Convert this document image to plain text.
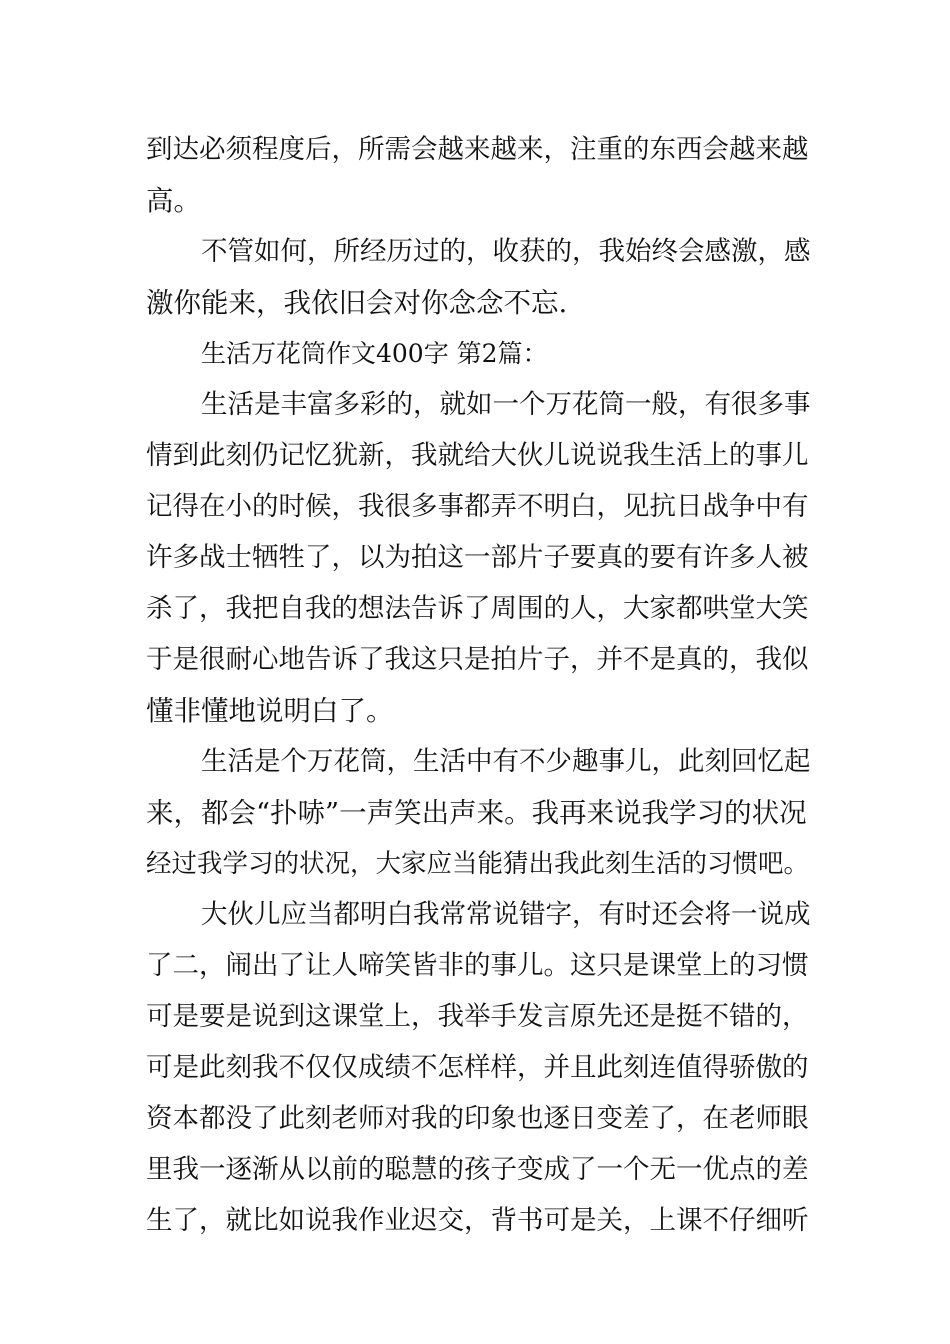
到达必须程度后，所需会越来越来，注重的东西会越来越
高。
不管如何，所经历过的，收获的，我始终会感激，感
激你能来，我依旧会对你念念不忘.
生活万花筒作文400字 第2篇：
生活是丰富多彩的，就如一个万花筒一般，有很多事
情到此刻仍记忆犹新，我就给大伙儿说说我生活上的事儿
记得在小的时候，我很多事都弄不明白，见抗日战争中有
许多战士牺牲了，以为拍这一部片子要真的要有许多人被
杀了，我把自我的想法告诉了周围的人，大家都哄堂大笑
于是很耐心地告诉了我这只是拍片子，并不是真的，我似
懂非懂地说明白了。
生活是个万花筒，生活中有不少趣事儿，此刻回忆起
来，都会“扑哧”一声笑出声来。我再来说我学习的状况
经过我学习的状况，大家应当能猜出我此刻生活的习惯吧。
大伙儿应当都明白我常常说错字，有时还会将一说成
了二，闹出了让人啼笑皆非的事儿。这只是课堂上的习惯
可是要是说到这课堂上，我举手发言原先还是挺不错的，
可是此刻我不仅仅成绩不怎样样，并且此刻连值得骄傲的
资本都没了此刻老师对我的印象也逐日变差了，在老师眼
里我一逐渐从以前的聪慧的孩子变成了一个无一优点的差
生了，就比如说我作业迟交，背书可是关，上课不仔细听
